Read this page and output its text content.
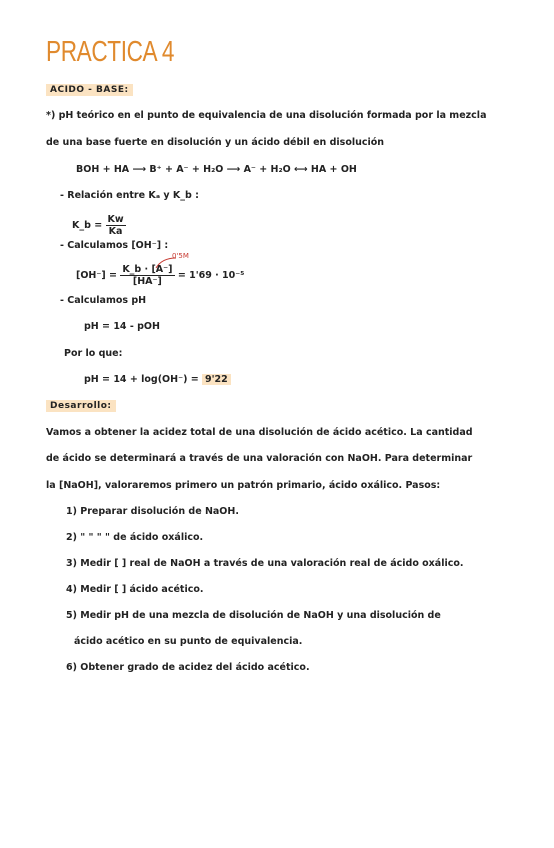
PRACTICA 4
ACIDO - BASE:
*) pH teórico en el punto de equivalencia de una disolución formada por la mezcla
de una base fuerte en disolución y un ácido débil en disolución
BOH + HA ⟶ B⁺ + A⁻ + H₂O ⟶ A⁻ + H₂O ⟷ HA + OH
- Relación entre Kₐ y K_b :
K_b = $\frac{Kw}{Ka}$
- Calculamos [OH⁻] :
0'5M
$[OH^-] = \frac{K\_b \cdot [A^-]}{[HA^-]} = 1'69 \cdot 10^{-5}$
- Calculamos pH
pH = 14 - pOH
Por lo que:
pH = 14 + log(OH⁻) = 9'22
Desarrollo:
Vamos a obtener la acidez total de una disolución de ácido acético. La cantidad
de ácido se determinará a través de una valoración con NaOH. Para determinar
la [NaOH], valoraremos primero un patrón primario, ácido oxálico. Pasos:
1) Preparar disolución de NaOH.
2) " " " " de ácido oxálico.
3) Medir [ ] real de NaOH a través de una valoración real de ácido oxálico.
4) Medir [ ] ácido acético.
5) Medir pH de una mezcla de disolución de NaOH y una disolución de
ácido acético en su punto de equivalencia.
6) Obtener grado de acidez del ácido acético.
